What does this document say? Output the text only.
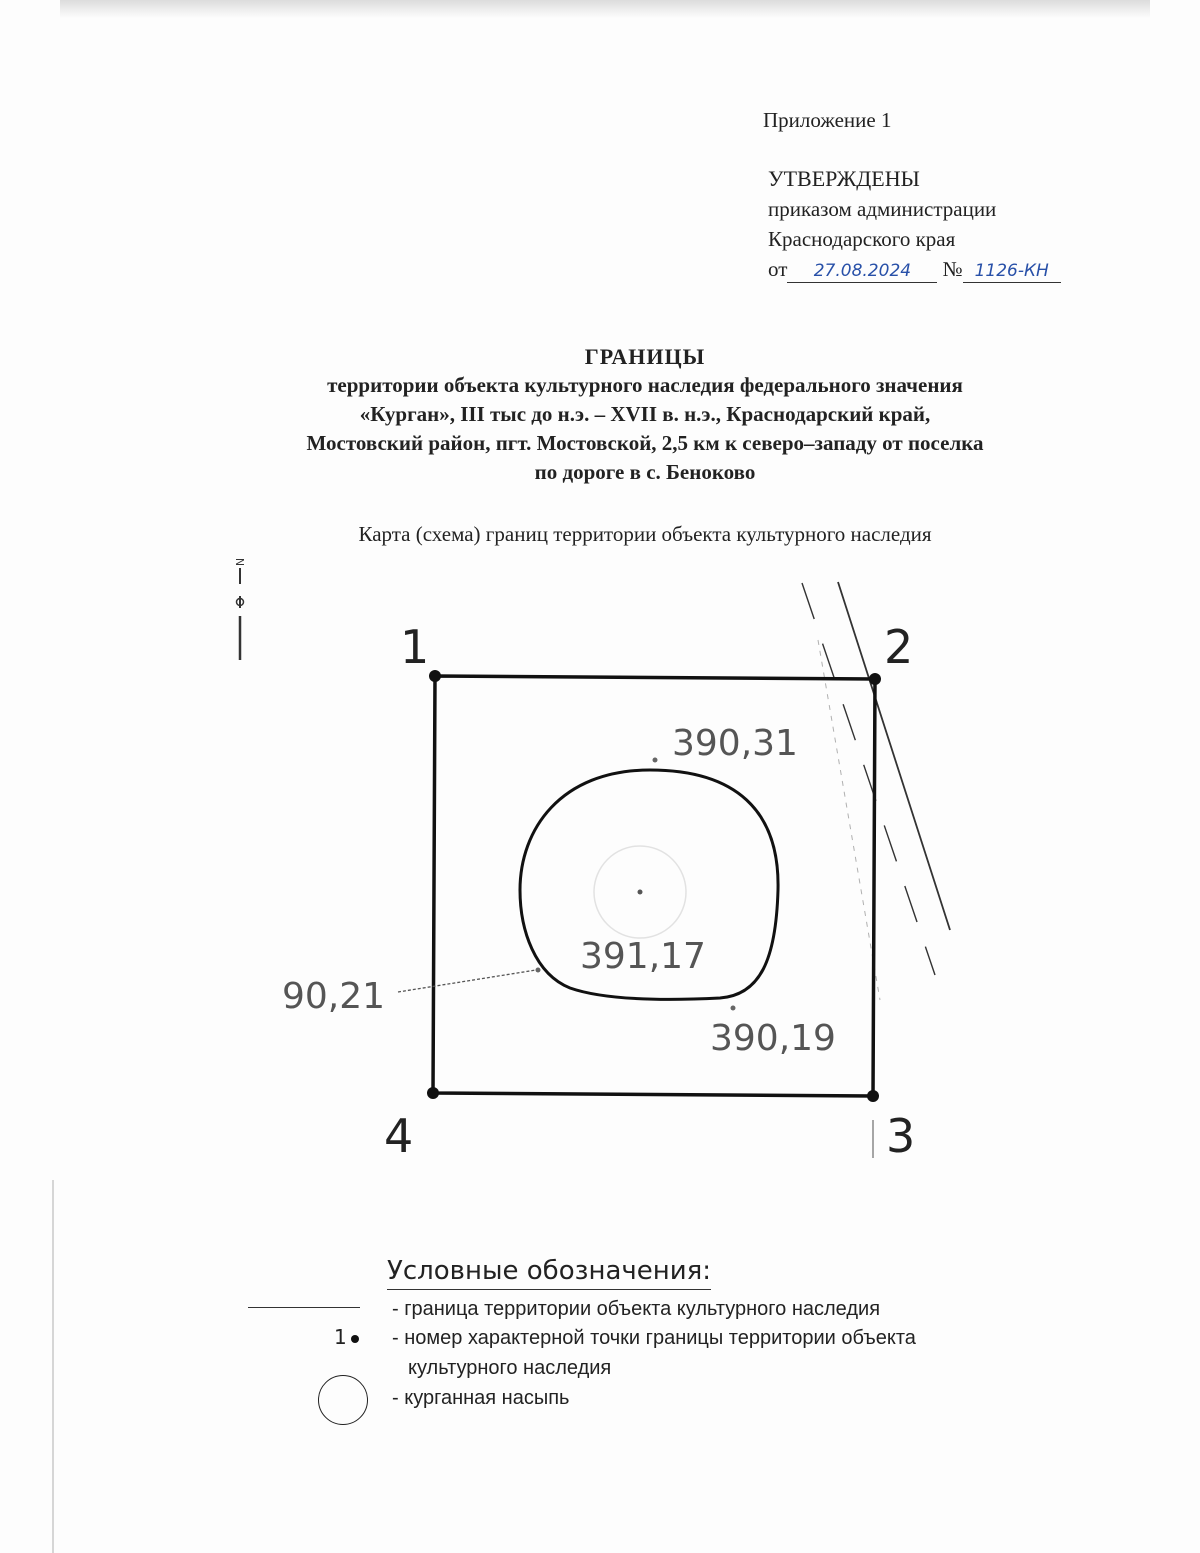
Приложение 1
УТВЕРЖДЕНЫ
приказом администрации
Краснодарского края
от 27.08.2024 № 1126-КН
ГРАНИЦЫ
территории объекта культурного наследия федерального значения
«Курган», III тыс до н.э. – XVII в. н.э., Краснодарский край,
Мостовский район, пгт. Мостовской, 2,5 км к северо–западу от поселка
по дороге в с. Беноково
Карта (схема) границ территории объекта культурного наследия
N
1	2
3
4
390,31
391,17
90,21
390,19
Условные обозначения:
- граница территории объекта культурного наследия
1	- номер характерной точки границы территории объекта
культурного наследия
- курганная насыпь
